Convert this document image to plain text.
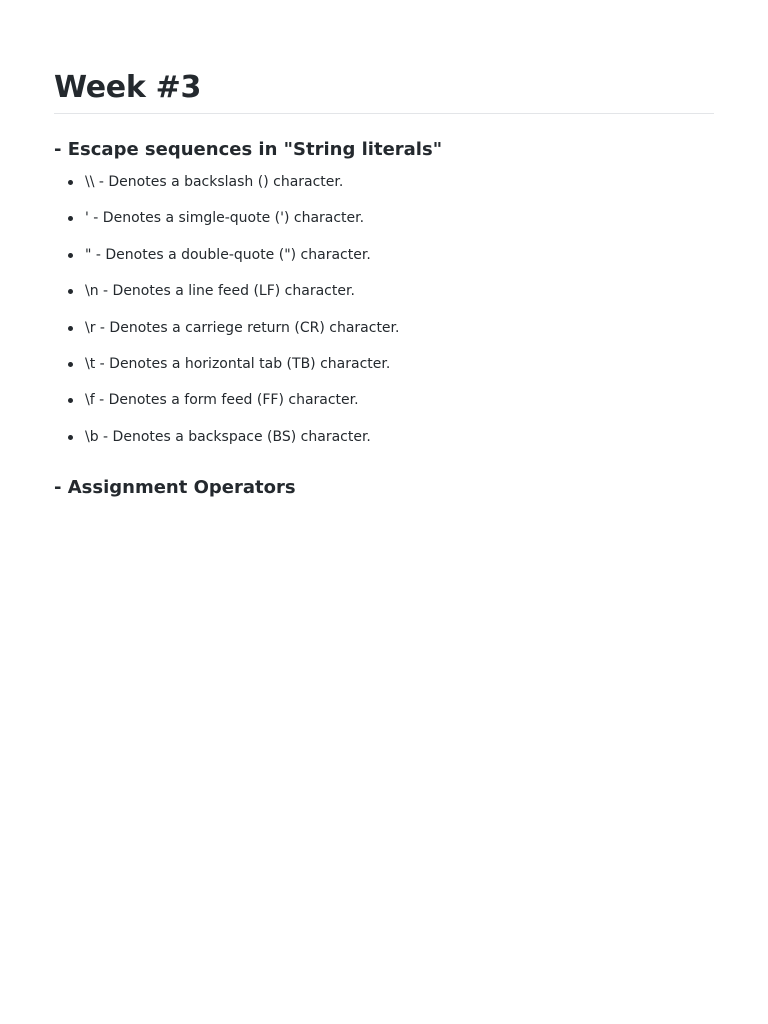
Week #3
- Escape sequences in "String literals"
\\ - Denotes a backslash () character.
' - Denotes a simgle-quote (') character.
" - Denotes a double-quote (") character.
\n - Denotes a line feed (LF) character.
\r - Denotes a carriege return (CR) character.
\t - Denotes a horizontal tab (TB) character.
\f - Denotes a form feed (FF) character.
\b - Denotes a backspace (BS) character.
- Assignment Operators
